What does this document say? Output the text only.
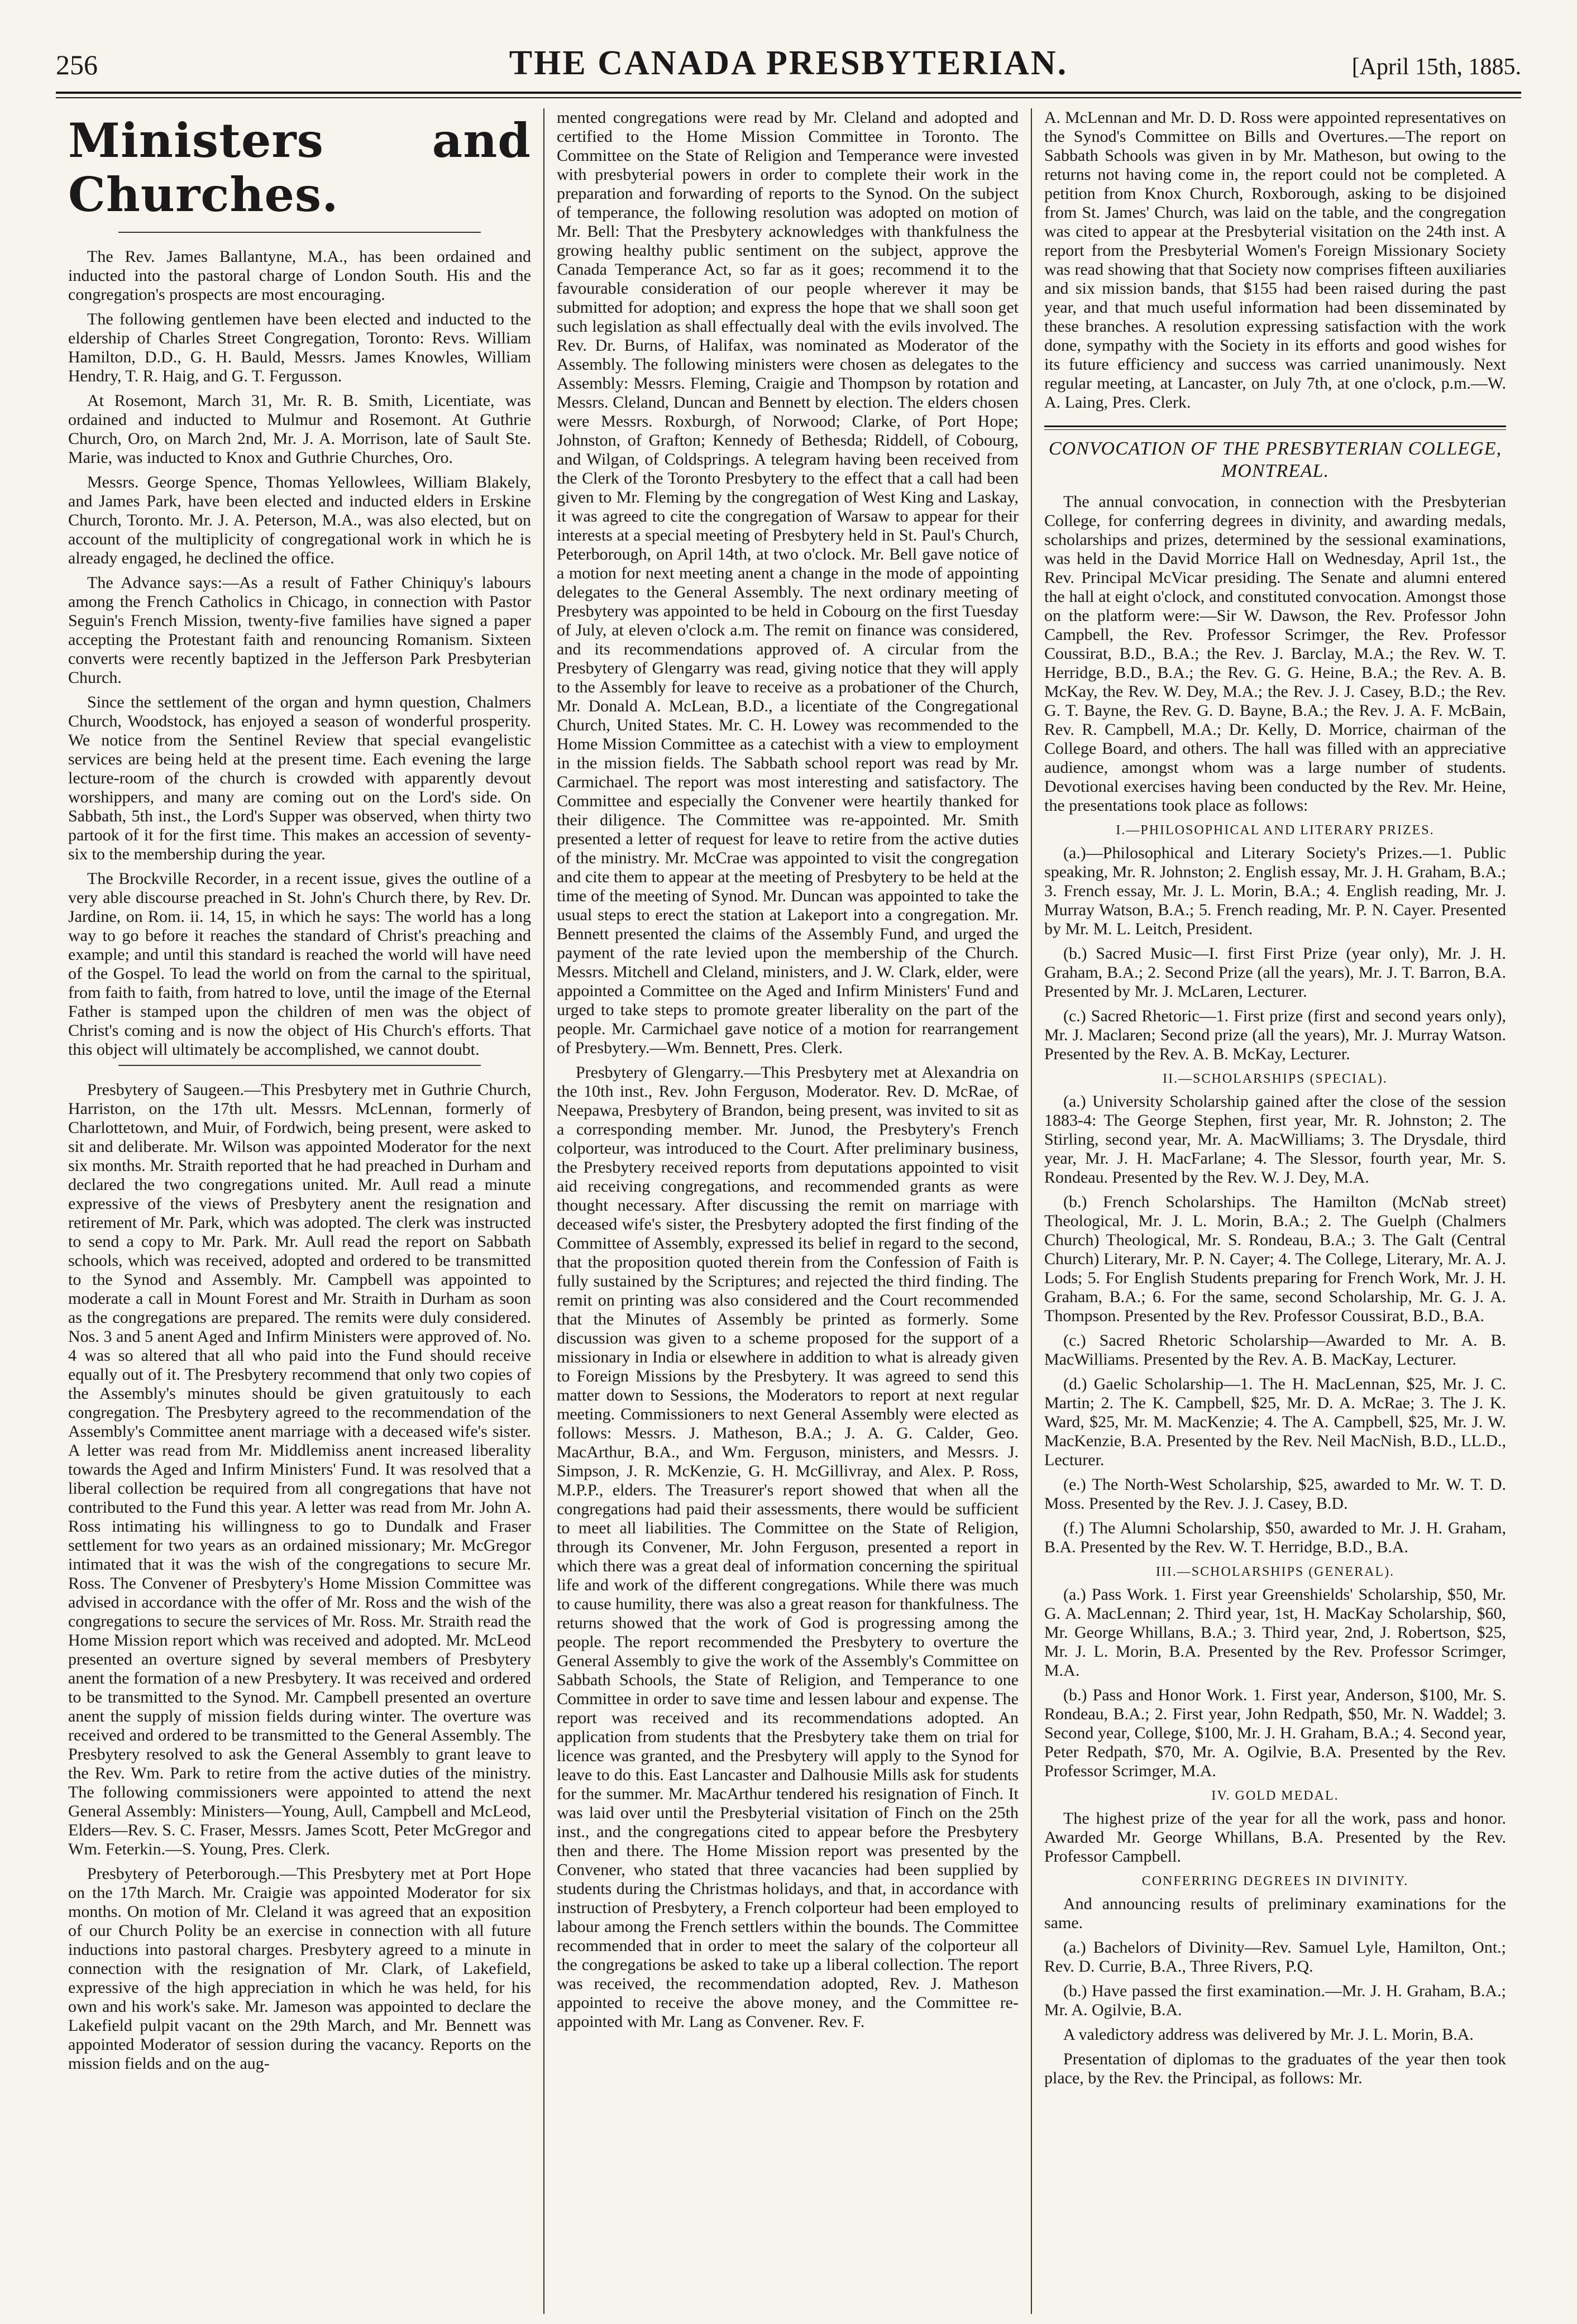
256	THE CANADA PRESBYTERIAN.	[April 15th, 1885.
Ministers and Churches.

The Rev. James Ballantyne, M.A., has been ordained and inducted into the pastoral charge of London South. His and the congregation's prospects are most encouraging.

The following gentlemen have been elected and inducted to the eldership of Charles Street Congregation, Toronto: Revs. William Hamilton, D.D., G. H. Bauld, Messrs. James Knowles, William Hendry, T. R. Haig, and G. T. Fergusson.

At Rosemont, March 31, Mr. R. B. Smith, Licentiate, was ordained and inducted to Mulmur and Rosemont. At Guthrie Church, Oro, on March 2nd, Mr. J. A. Morrison, late of Sault Ste. Marie, was inducted to Knox and Guthrie Churches, Oro.

Messrs. George Spence, Thomas Yellowlees, William Blakely, and James Park, have been elected and inducted elders in Erskine Church, Toronto. Mr. J. A. Peterson, M.A., was also elected, but on account of the multiplicity of congregational work in which he is already engaged, he declined the office.

The Advance says:—As a result of Father Chiniquy's labours among the French Catholics in Chicago, in connection with Pastor Seguin's French Mission, twenty-five families have signed a paper accepting the Protestant faith and renouncing Romanism. Sixteen converts were recently baptized in the Jefferson Park Presbyterian Church.

Since the settlement of the organ and hymn question, Chalmers Church, Woodstock, has enjoyed a season of wonderful prosperity. We notice from the Sentinel Review that special evangelistic services are being held at the present time. Each evening the large lecture-room of the church is crowded with apparently devout worshippers, and many are coming out on the Lord's side. On Sabbath, 5th inst., the Lord's Supper was observed, when thirty two partook of it for the first time. This makes an accession of seventy-six to the membership during the year.

The Brockville Recorder, in a recent issue, gives the outline of a very able discourse preached in St. John's Church there, by Rev. Dr. Jardine, on Rom. ii. 14, 15, in which he says: The world has a long way to go before it reaches the standard of Christ's preaching and example; and until this standard is reached the world will have need of the Gospel. To lead the world on from the carnal to the spiritual, from faith to faith, from hatred to love, until the image of the Eternal Father is stamped upon the children of men was the object of Christ's coming and is now the object of His Church's efforts. That this object will ultimately be accomplished, we cannot doubt.

Presbytery of Saugeen.—This Presbytery met in Guthrie Church, Harriston, on the 17th ult. Messrs. McLennan, formerly of Charlottetown, and Muir, of Fordwich, being present, were asked to sit and deliberate. Mr. Wilson was appointed Moderator for the next six months. Mr. Straith reported that he had preached in Durham and declared the two congregations united. Mr. Aull read a minute expressive of the views of Presbytery anent the resignation and retirement of Mr. Park, which was adopted. The clerk was instructed to send a copy to Mr. Park. Mr. Aull read the report on Sabbath schools, which was received, adopted and ordered to be transmitted to the Synod and Assembly. Mr. Campbell was appointed to moderate a call in Mount Forest and Mr. Straith in Durham as soon as the congregations are prepared. The remits were duly considered. Nos. 3 and 5 anent Aged and Infirm Ministers were approved of. No. 4 was so altered that all who paid into the Fund should receive equally out of it. The Presbytery recommend that only two copies of the Assembly's minutes should be given gratuitously to each congregation. The Presbytery agreed to the recommendation of the Assembly's Committee anent marriage with a deceased wife's sister. A letter was read from Mr. Middlemiss anent increased liberality towards the Aged and Infirm Ministers' Fund. It was resolved that a liberal collection be required from all congregations that have not contributed to the Fund this year. A letter was read from Mr. John A. Ross intimating his willingness to go to Dundalk and Fraser settlement for two years as an ordained missionary; Mr. McGregor intimated that it was the wish of the congregations to secure Mr. Ross. The Convener of Presbytery's Home Mission Committee was advised in accordance with the offer of Mr. Ross and the wish of the congregations to secure the services of Mr. Ross. Mr. Straith read the Home Mission report which was received and adopted. Mr. McLeod presented an overture signed by several members of Presbytery anent the formation of a new Presbytery. It was received and ordered to be transmitted to the Synod. Mr. Campbell presented an overture anent the supply of mission fields during winter. The overture was received and ordered to be transmitted to the General Assembly. The Presbytery resolved to ask the General Assembly to grant leave to the Rev. Wm. Park to retire from the active duties of the ministry. The following commissioners were appointed to attend the next General Assembly: Ministers—Young, Aull, Campbell and McLeod, Elders—Rev. S. C. Fraser, Messrs. James Scott, Peter McGregor and Wm. Feterkin.—S. Young, Pres. Clerk.

Presbytery of Peterborough.—This Presbytery met at Port Hope on the 17th March. Mr. Craigie was appointed Moderator for six months. On motion of Mr. Cleland it was agreed that an exposition of our Church Polity be an exercise in connection with all future inductions into pastoral charges. Presbytery agreed to a minute in connection with the resignation of Mr. Clark, of Lakefield, expressive of the high appreciation in which he was held, for his own and his work's sake. Mr. Jameson was appointed to declare the Lakefield pulpit vacant on the 29th March, and Mr. Bennett was appointed Moderator of session during the vacancy. Reports on the mission fields and on the aug-

mented congregations were read by Mr. Cleland and adopted and certified to the Home Mission Committee in Toronto. The Committee on the State of Religion and Temperance were invested with presbyterial powers in order to complete their work in the preparation and forwarding of reports to the Synod. On the subject of temperance, the following resolution was adopted on motion of Mr. Bell: That the Presbytery acknowledges with thankfulness the growing healthy public sentiment on the subject, approve the Canada Temperance Act, so far as it goes; recommend it to the favourable consideration of our people wherever it may be submitted for adoption; and express the hope that we shall soon get such legislation as shall effectually deal with the evils involved. The Rev. Dr. Burns, of Halifax, was nominated as Moderator of the Assembly. The following ministers were chosen as delegates to the Assembly: Messrs. Fleming, Craigie and Thompson by rotation and Messrs. Cleland, Duncan and Bennett by election. The elders chosen were Messrs. Roxburgh, of Norwood; Clarke, of Port Hope; Johnston, of Grafton; Kennedy of Bethesda; Riddell, of Cobourg, and Wilgan, of Coldsprings. A telegram having been received from the Clerk of the Toronto Presbytery to the effect that a call had been given to Mr. Fleming by the congregation of West King and Laskay, it was agreed to cite the congregation of Warsaw to appear for their interests at a special meeting of Presbytery held in St. Paul's Church, Peterborough, on April 14th, at two o'clock. Mr. Bell gave notice of a motion for next meeting anent a change in the mode of appointing delegates to the General Assembly. The next ordinary meeting of Presbytery was appointed to be held in Cobourg on the first Tuesday of July, at eleven o'clock a.m. The remit on finance was considered, and its recommendations approved of. A circular from the Presbytery of Glengarry was read, giving notice that they will apply to the Assembly for leave to receive as a probationer of the Church, Mr. Donald A. McLean, B.D., a licentiate of the Congregational Church, United States. Mr. C. H. Lowey was recommended to the Home Mission Committee as a catechist with a view to employment in the mission fields. The Sabbath school report was read by Mr. Carmichael. The report was most interesting and satisfactory. The Committee and especially the Convener were heartily thanked for their diligence. The Committee was re-appointed. Mr. Smith presented a letter of request for leave to retire from the active duties of the ministry. Mr. McCrae was appointed to visit the congregation and cite them to appear at the meeting of Presbytery to be held at the time of the meeting of Synod. Mr. Duncan was appointed to take the usual steps to erect the station at Lakeport into a congregation. Mr. Bennett presented the claims of the Assembly Fund, and urged the payment of the rate levied upon the membership of the Church. Messrs. Mitchell and Cleland, ministers, and J. W. Clark, elder, were appointed a Committee on the Aged and Infirm Ministers' Fund and urged to take steps to promote greater liberality on the part of the people. Mr. Carmichael gave notice of a motion for rearrangement of Presbytery.—Wm. Bennett, Pres. Clerk.

Presbytery of Glengarry.—This Presbytery met at Alexandria on the 10th inst., Rev. John Ferguson, Moderator. Rev. D. McRae, of Neepawa, Presbytery of Brandon, being present, was invited to sit as a corresponding member. Mr. Junod, the Presbytery's French colporteur, was introduced to the Court. After preliminary business, the Presbytery received reports from deputations appointed to visit aid receiving congregations, and recommended grants as were thought necessary. After discussing the remit on marriage with deceased wife's sister, the Presbytery adopted the first finding of the Committee of Assembly, expressed its belief in regard to the second, that the proposition quoted therein from the Confession of Faith is fully sustained by the Scriptures; and rejected the third finding. The remit on printing was also considered and the Court recommended that the Minutes of Assembly be printed as formerly. Some discussion was given to a scheme proposed for the support of a missionary in India or elsewhere in addition to what is already given to Foreign Missions by the Presbytery. It was agreed to send this matter down to Sessions, the Moderators to report at next regular meeting. Commissioners to next General Assembly were elected as follows: Messrs. J. Matheson, B.A.; J. A. G. Calder, Geo. MacArthur, B.A., and Wm. Ferguson, ministers, and Messrs. J. Simpson, J. R. McKenzie, G. H. McGillivray, and Alex. P. Ross, M.P.P., elders. The Treasurer's report showed that when all the congregations had paid their assessments, there would be sufficient to meet all liabilities. The Committee on the State of Religion, through its Convener, Mr. John Ferguson, presented a report in which there was a great deal of information concerning the spiritual life and work of the different congregations. While there was much to cause humility, there was also a great reason for thankfulness. The returns showed that the work of God is progressing among the people. The report recommended the Presbytery to overture the General Assembly to give the work of the Assembly's Committee on Sabbath Schools, the State of Religion, and Temperance to one Committee in order to save time and lessen labour and expense. The report was received and its recommendations adopted. An application from students that the Presbytery take them on trial for licence was granted, and the Presbytery will apply to the Synod for leave to do this. East Lancaster and Dalhousie Mills ask for students for the summer. Mr. MacArthur tendered his resignation of Finch. It was laid over until the Presbyterial visitation of Finch on the 25th inst., and the congregations cited to appear before the Presbytery then and there. The Home Mission report was presented by the Convener, who stated that three vacancies had been supplied by students during the Christmas holidays, and that, in accordance with instruction of Presbytery, a French colporteur had been employed to labour among the French settlers within the bounds. The Committee recommended that in order to meet the salary of the colporteur all the congregations be asked to take up a liberal collection. The report was received, the recommendation adopted, Rev. J. Matheson appointed to receive the above money, and the Committee re-appointed with Mr. Lang as Convener. Rev. F.

A. McLennan and Mr. D. D. Ross were appointed representatives on the Synod's Committee on Bills and Overtures.—The report on Sabbath Schools was given in by Mr. Matheson, but owing to the returns not having come in, the report could not be completed. A petition from Knox Church, Roxborough, asking to be disjoined from St. James' Church, was laid on the table, and the congregation was cited to appear at the Presbyterial visitation on the 24th inst. A report from the Presbyterial Women's Foreign Missionary Society was read showing that that Society now comprises fifteen auxiliaries and six mission bands, that $155 had been raised during the past year, and that much useful information had been disseminated by these branches. A resolution expressing satisfaction with the work done, sympathy with the Society in its efforts and good wishes for its future efficiency and success was carried unanimously. Next regular meeting, at Lancaster, on July 7th, at one o'clock, p.m.—W. A. Laing, Pres. Clerk.

CONVOCATION OF THE PRESBYTERIAN COLLEGE, MONTREAL.

The annual convocation, in connection with the Presbyterian College, for conferring degrees in divinity, and awarding medals, scholarships and prizes, determined by the sessional examinations, was held in the David Morrice Hall on Wednesday, April 1st., the Rev. Principal McVicar presiding. The Senate and alumni entered the hall at eight o'clock, and constituted convocation. Amongst those on the platform were:—Sir W. Dawson, the Rev. Professor John Campbell, the Rev. Professor Scrimger, the Rev. Professor Coussirat, B.D., B.A.; the Rev. J. Barclay, M.A.; the Rev. W. T. Herridge, B.D., B.A.; the Rev. G. G. Heine, B.A.; the Rev. A. B. McKay, the Rev. W. Dey, M.A.; the Rev. J. J. Casey, B.D.; the Rev. G. T. Bayne, the Rev. G. D. Bayne, B.A.; the Rev. J. A. F. McBain, Rev. R. Campbell, M.A.; Dr. Kelly, D. Morrice, chairman of the College Board, and others. The hall was filled with an appreciative audience, amongst whom was a large number of students. Devotional exercises having been conducted by the Rev. Mr. Heine, the presentations took place as follows:

I.—PHILOSOPHICAL AND LITERARY PRIZES.

(a.)—Philosophical and Literary Society's Prizes.—1. Public speaking, Mr. R. Johnston; 2. English essay, Mr. J. H. Graham, B.A.; 3. French essay, Mr. J. L. Morin, B.A.; 4. English reading, Mr. J. Murray Watson, B.A.; 5. French reading, Mr. P. N. Cayer. Presented by Mr. M. L. Leitch, President.

(b.) Sacred Music—I. first First Prize (year only), Mr. J. H. Graham, B.A.; 2. Second Prize (all the years), Mr. J. T. Barron, B.A. Presented by Mr. J. McLaren, Lecturer.

(c.) Sacred Rhetoric—1. First prize (first and second years only), Mr. J. Maclaren; Second prize (all the years), Mr. J. Murray Watson. Presented by the Rev. A. B. McKay, Lecturer.

II.—SCHOLARSHIPS (SPECIAL).

(a.) University Scholarship gained after the close of the session 1883-4: The George Stephen, first year, Mr. R. Johnston; 2. The Stirling, second year, Mr. A. MacWilliams; 3. The Drysdale, third year, Mr. J. H. MacFarlane; 4. The Slessor, fourth year, Mr. S. Rondeau. Presented by the Rev. W. J. Dey, M.A.

(b.) French Scholarships. The Hamilton (McNab street) Theological, Mr. J. L. Morin, B.A.; 2. The Guelph (Chalmers Church) Theological, Mr. S. Rondeau, B.A.; 3. The Galt (Central Church) Literary, Mr. P. N. Cayer; 4. The College, Literary, Mr. A. J. Lods; 5. For English Students preparing for French Work, Mr. J. H. Graham, B.A.; 6. For the same, second Scholarship, Mr. G. J. A. Thompson. Presented by the Rev. Professor Coussirat, B.D., B.A.

(c.) Sacred Rhetoric Scholarship—Awarded to Mr. A. B. MacWilliams. Presented by the Rev. A. B. MacKay, Lecturer.

(d.) Gaelic Scholarship—1. The H. MacLennan, $25, Mr. J. C. Martin; 2. The K. Campbell, $25, Mr. D. A. McRae; 3. The J. K. Ward, $25, Mr. M. MacKenzie; 4. The A. Campbell, $25, Mr. J. W. MacKenzie, B.A. Presented by the Rev. Neil MacNish, B.D., LL.D., Lecturer.

(e.) The North-West Scholarship, $25, awarded to Mr. W. T. D. Moss. Presented by the Rev. J. J. Casey, B.D.

(f.) The Alumni Scholarship, $50, awarded to Mr. J. H. Graham, B.A. Presented by the Rev. W. T. Herridge, B.D., B.A.

III.—SCHOLARSHIPS (GENERAL).

(a.) Pass Work. 1. First year Greenshields' Scholarship, $50, Mr. G. A. MacLennan; 2. Third year, 1st, H. MacKay Scholarship, $60, Mr. George Whillans, B.A.; 3. Third year, 2nd, J. Robertson, $25, Mr. J. L. Morin, B.A. Presented by the Rev. Professor Scrimger, M.A.

(b.) Pass and Honor Work. 1. First year, Anderson, $100, Mr. S. Rondeau, B.A.; 2. First year, John Redpath, $50, Mr. N. Waddel; 3. Second year, College, $100, Mr. J. H. Graham, B.A.; 4. Second year, Peter Redpath, $70, Mr. A. Ogilvie, B.A. Presented by the Rev. Professor Scrimger, M.A.

IV. GOLD MEDAL.

The highest prize of the year for all the work, pass and honor. Awarded Mr. George Whillans, B.A. Presented by the Rev. Professor Campbell.

CONFERRING DEGREES IN DIVINITY.

And announcing results of preliminary examinations for the same.

(a.) Bachelors of Divinity—Rev. Samuel Lyle, Hamilton, Ont.; Rev. D. Currie, B.A., Three Rivers, P.Q.

(b.) Have passed the first examination.—Mr. J. H. Graham, B.A.; Mr. A. Ogilvie, B.A.

A valedictory address was delivered by Mr. J. L. Morin, B.A.

Presentation of diplomas to the graduates of the year then took place, by the Rev. the Principal, as follows: Mr.
